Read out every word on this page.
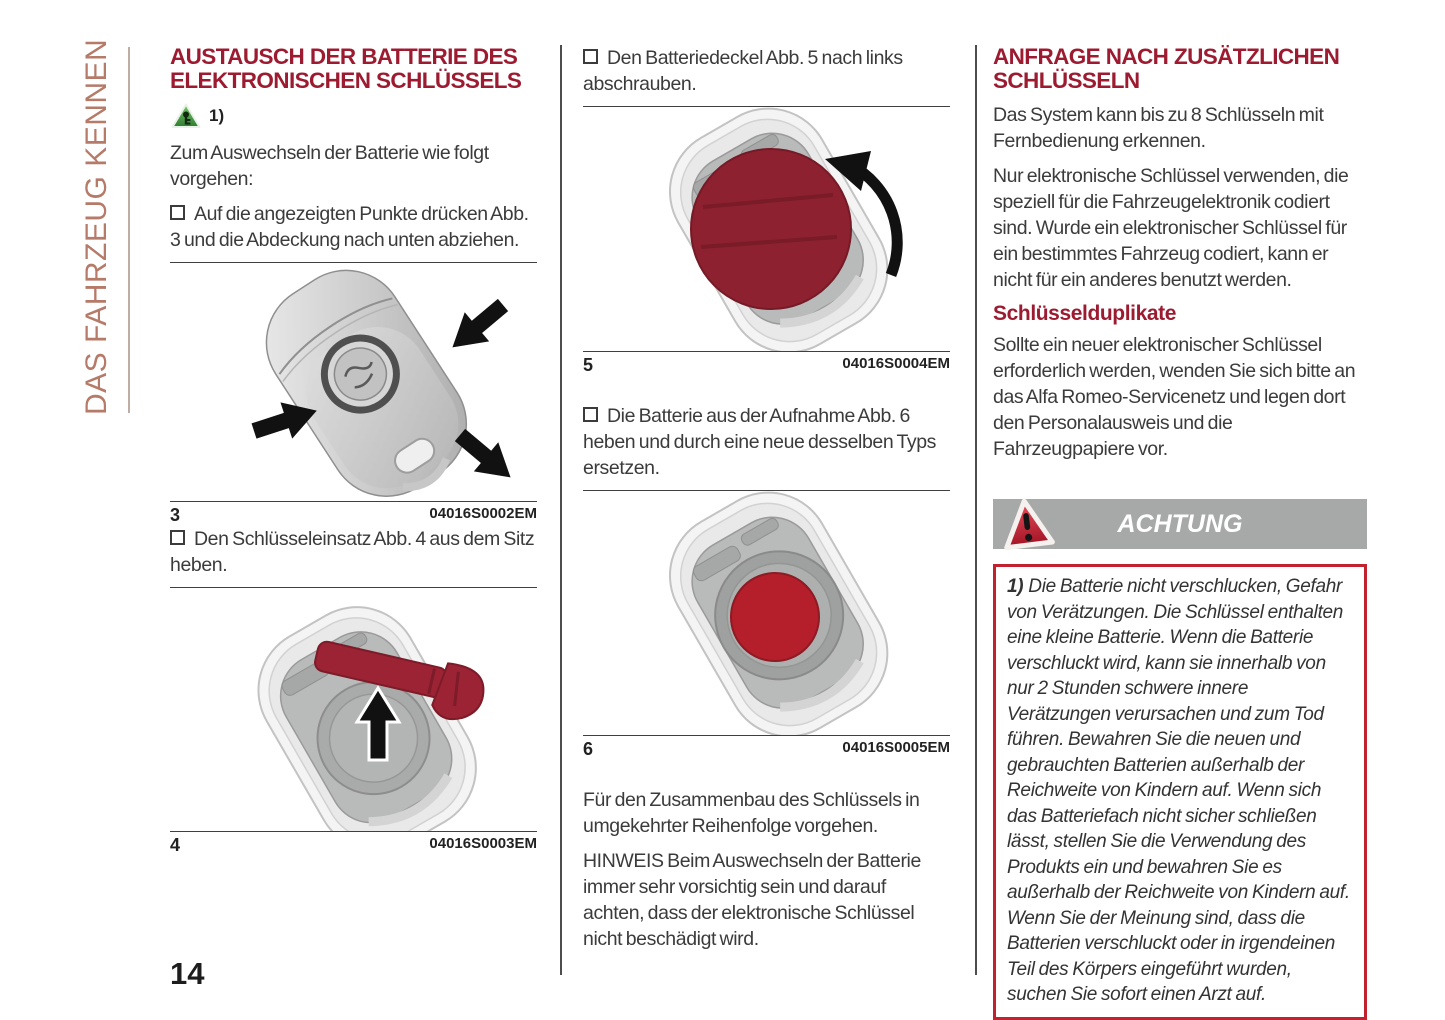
DAS FAHRZEUG KENNEN	AUSTAUSCH DER BATTERIE DES ELEKTRONISCHEN SCHLÜSSELS
1)

Zum Auswechseln der Batterie wie folgt vorgehen:

Auf die angezeigten Punkte drücken Abb. 3 und die Abdeckung nach unten abziehen.

3	04016S0002EM

Den Schlüsseleinsatz Abb. 4 aus dem Sitz heben.

4	04016S0003EM

Den Batteriedeckel Abb. 5 nach links abschrauben.

5	04016S0004EM

Die Batterie aus der Aufnahme Abb. 6 heben und durch eine neue desselben Typs ersetzen.

6	04016S0005EM

Für den Zusammenbau des Schlüssels in umgekehrter Reihenfolge vorgehen.

HINWEIS Beim Auswechseln der Batterie immer sehr vorsichtig sein und darauf achten, dass der elektronische Schlüssel nicht beschädigt wird.

ANFRAGE NACH ZUSÄTZLICHEN SCHLÜSSELN

Das System kann bis zu 8 Schlüsseln mit Fernbedienung erkennen.

Nur elektronische Schlüssel verwenden, die speziell für die Fahrzeugelektronik codiert sind. Wurde ein elektronischer Schlüssel für ein bestimmtes Fahrzeug codiert, kann er nicht für ein anderes benutzt werden.

Schlüsselduplikate

Sollte ein neuer elektronischer Schlüssel erforderlich werden, wenden Sie sich bitte an das Alfa Romeo-Servicenetz und legen dort den Personalausweis und die Fahrzeugpapiere vor.

ACHTUNG
1) Die Batterie nicht verschlucken, Gefahr von Verätzungen. Die Schlüssel enthalten eine kleine Batterie. Wenn die Batterie verschluckt wird, kann sie innerhalb von nur 2 Stunden schwere innere Verätzungen verursachen und zum Tod führen. Bewahren Sie die neuen und gebrauchten Batterien außerhalb der Reichweite von Kindern auf. Wenn sich das Batteriefach nicht sicher schließen lässt, stellen Sie die Verwendung des Produkts ein und bewahren Sie es außerhalb der Reichweite von Kindern auf. Wenn Sie der Meinung sind, dass die Batterien verschluckt oder in irgendeinen Teil des Körpers eingeführt wurden, suchen Sie sofort einen Arzt auf.
14
